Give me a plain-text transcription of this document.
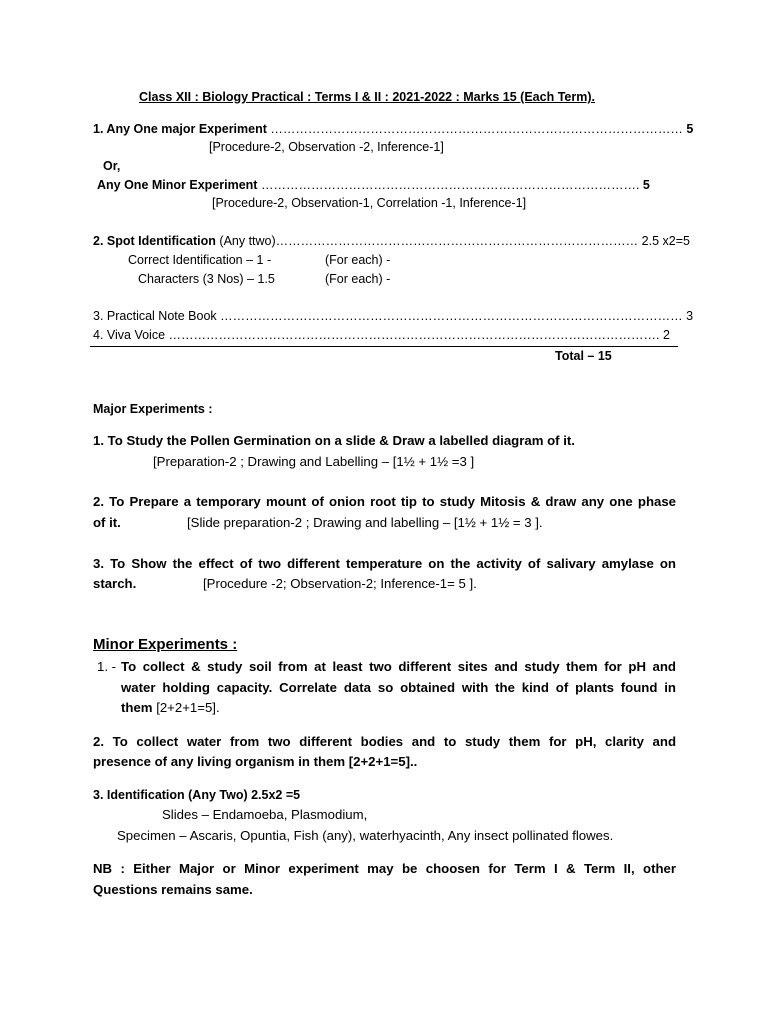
Class XII : Biology Practical : Terms I & II : 2021-2022 : Marks 15 (Each Term).
1. Any One major Experiment ……………………………………………………………………………………… 5
[Procedure-2, Observation -2, Inference-1]
Or,
Any One Minor Experiment ………………………………………………………………………………. 5
[Procedure-2, Observation-1, Correlation -1, Inference-1]
2. Spot Identification (Any ttwo)…………………………………………………………………………… 2.5 x2=5
Correct Identification – 1 -	(For each) -
Characters (3 Nos) – 1.5	(For each) -
3. Practical Note Book ………………………………………………………………………………………………… 3
4. Viva Voice ………………………………………………………………………………………………………. 2
Total – 15
Major Experiments :
1. To Study the Pollen Germination on a slide & Draw a labelled diagram of it.
[Preparation-2 ; Drawing and Labelling – [1½ + 1½ =3 ]
2. To Prepare a temporary mount of onion root tip to study Mitosis & draw any one phase
of it.	[Slide preparation-2 ; Drawing and labelling – [1½ + 1½ = 3 ].
3. To Show the effect of two different temperature on the activity of salivary amylase on
starch.	[Procedure -2; Observation-2; Inference-1= 5 ].
Minor Experiments :
1. - To collect & study soil from at least two different sites and study them for pH and
water holding capacity. Correlate data so obtained with the kind of plants found in
them [2+2+1=5].
2. To collect water from two different bodies and to study them for pH, clarity and
presence of any living organism in them [2+2+1=5]..
3. Identification (Any Two) 2.5x2 =5
Slides – Endamoeba, Plasmodium,
Specimen – Ascaris, Opuntia, Fish (any), waterhyacinth, Any insect pollinated flowes.
NB : Either Major or Minor experiment may be choosen for Term I & Term II, other
Questions remains same.
